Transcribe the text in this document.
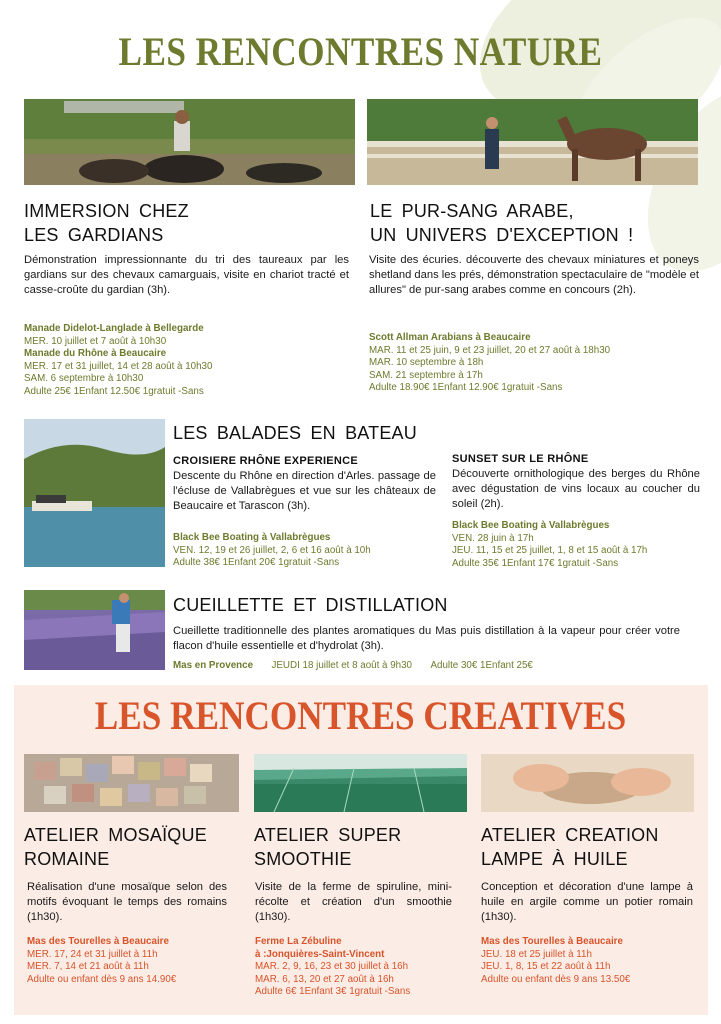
LES RENCONTRES NATURE
IMMERSION CHEZ
LES GARDIANS
Démonstration impressionnante du tri des taureaux par les gardians sur des chevaux camarguais, visite en chariot tracté et casse-croûte du gardian (3h).
Manade Didelot-Langlade à Bellegarde
MER. 10 juillet et 7 août à 10h30
Manade du Rhône à Beaucaire
MER. 17 et 31 juillet, 14 et 28 août à 10h30
SAM. 6 septembre à 10h30
Adulte 25€ 1Enfant 12.50€ 1gratuit -Sans
LE PUR-SANG ARABE,
UN UNIVERS D'EXCEPTION !
Visite des écuries. découverte des chevaux miniatures et poneys shetland dans les prés, démonstration spectaculaire de "modèle et allures" de pur-sang arabes comme en concours (2h).
Scott Allman Arabians à Beaucaire
MAR. 11 et 25 juin, 9 et 23 juillet, 20 et 27 août à 18h30
MAR. 10 septembre à 18h
SAM. 21 septembre à 17h
Adulte 18.90€ 1Enfant 12.90€ 1gratuit -Sans
LES BALADES EN BATEAU
CROISIERE RHÔNE EXPERIENCE
Descente du Rhône en direction d'Arles. passage de l'écluse de Vallabrègues et vue sur les châteaux de Beaucaire et Tarascon (3h).
Black Bee Boating à Vallabrègues
VEN. 12, 19 et 26 juillet, 2, 6 et 16 août à 10h
Adulte 38€ 1Enfant 20€ 1gratuit -Sans
SUNSET SUR LE RHÔNE
Découverte ornithologique des berges du Rhône avec dégustation de vins locaux au coucher du soleil (2h).
Black Bee Boating à Vallabrègues
VEN. 28 juin à 17h
JEU. 11, 15 et 25 juillet, 1, 8 et 15 août à 17h
Adulte 35€ 1Enfant 17€ 1gratuit -Sans
CUEILLETTE ET DISTILLATION
Cueillette traditionnelle des plantes aromatiques du Mas puis distillation à la vapeur pour créer votre flacon d'huile essentielle et d'hydrolat (3h).
Mas en Provence JEUDI 18 juillet et 8 août à 9h30 Adulte 30€ 1Enfant 25€
LES RENCONTRES CREATIVES
ATELIER MOSAÏQUE
ROMAINE
Réalisation d'une mosaïque selon des motifs évoquant le temps des romains (1h30).
Mas des Tourelles à Beaucaire
MER. 17, 24 et 31 juillet à 11h
MER. 7, 14 et 21 août à 11h
Adulte ou enfant dès 9 ans 14.90€
ATELIER SUPER
SMOOTHIE
Visite de la ferme de spiruline, mini-récolte et création d'un smoothie (1h30).
Ferme La Zébuline
à :Jonquières-Saint-Vincent
MAR. 2, 9, 16, 23 et 30 juillet à 16h
MAR. 6, 13, 20 et 27 août à 16h
Adulte 6€ 1Enfant 3€ 1gratuit -Sans
ATELIER CREATION
LAMPE À HUILE
Conception et décoration d'une lampe à huile en argile comme un potier romain (1h30).
Mas des Tourelles à Beaucaire
JEU. 18 et 25 juillet à 11h
JEU. 1, 8, 15 et 22 août à 11h
Adulte ou enfant dès 9 ans 13.50€
